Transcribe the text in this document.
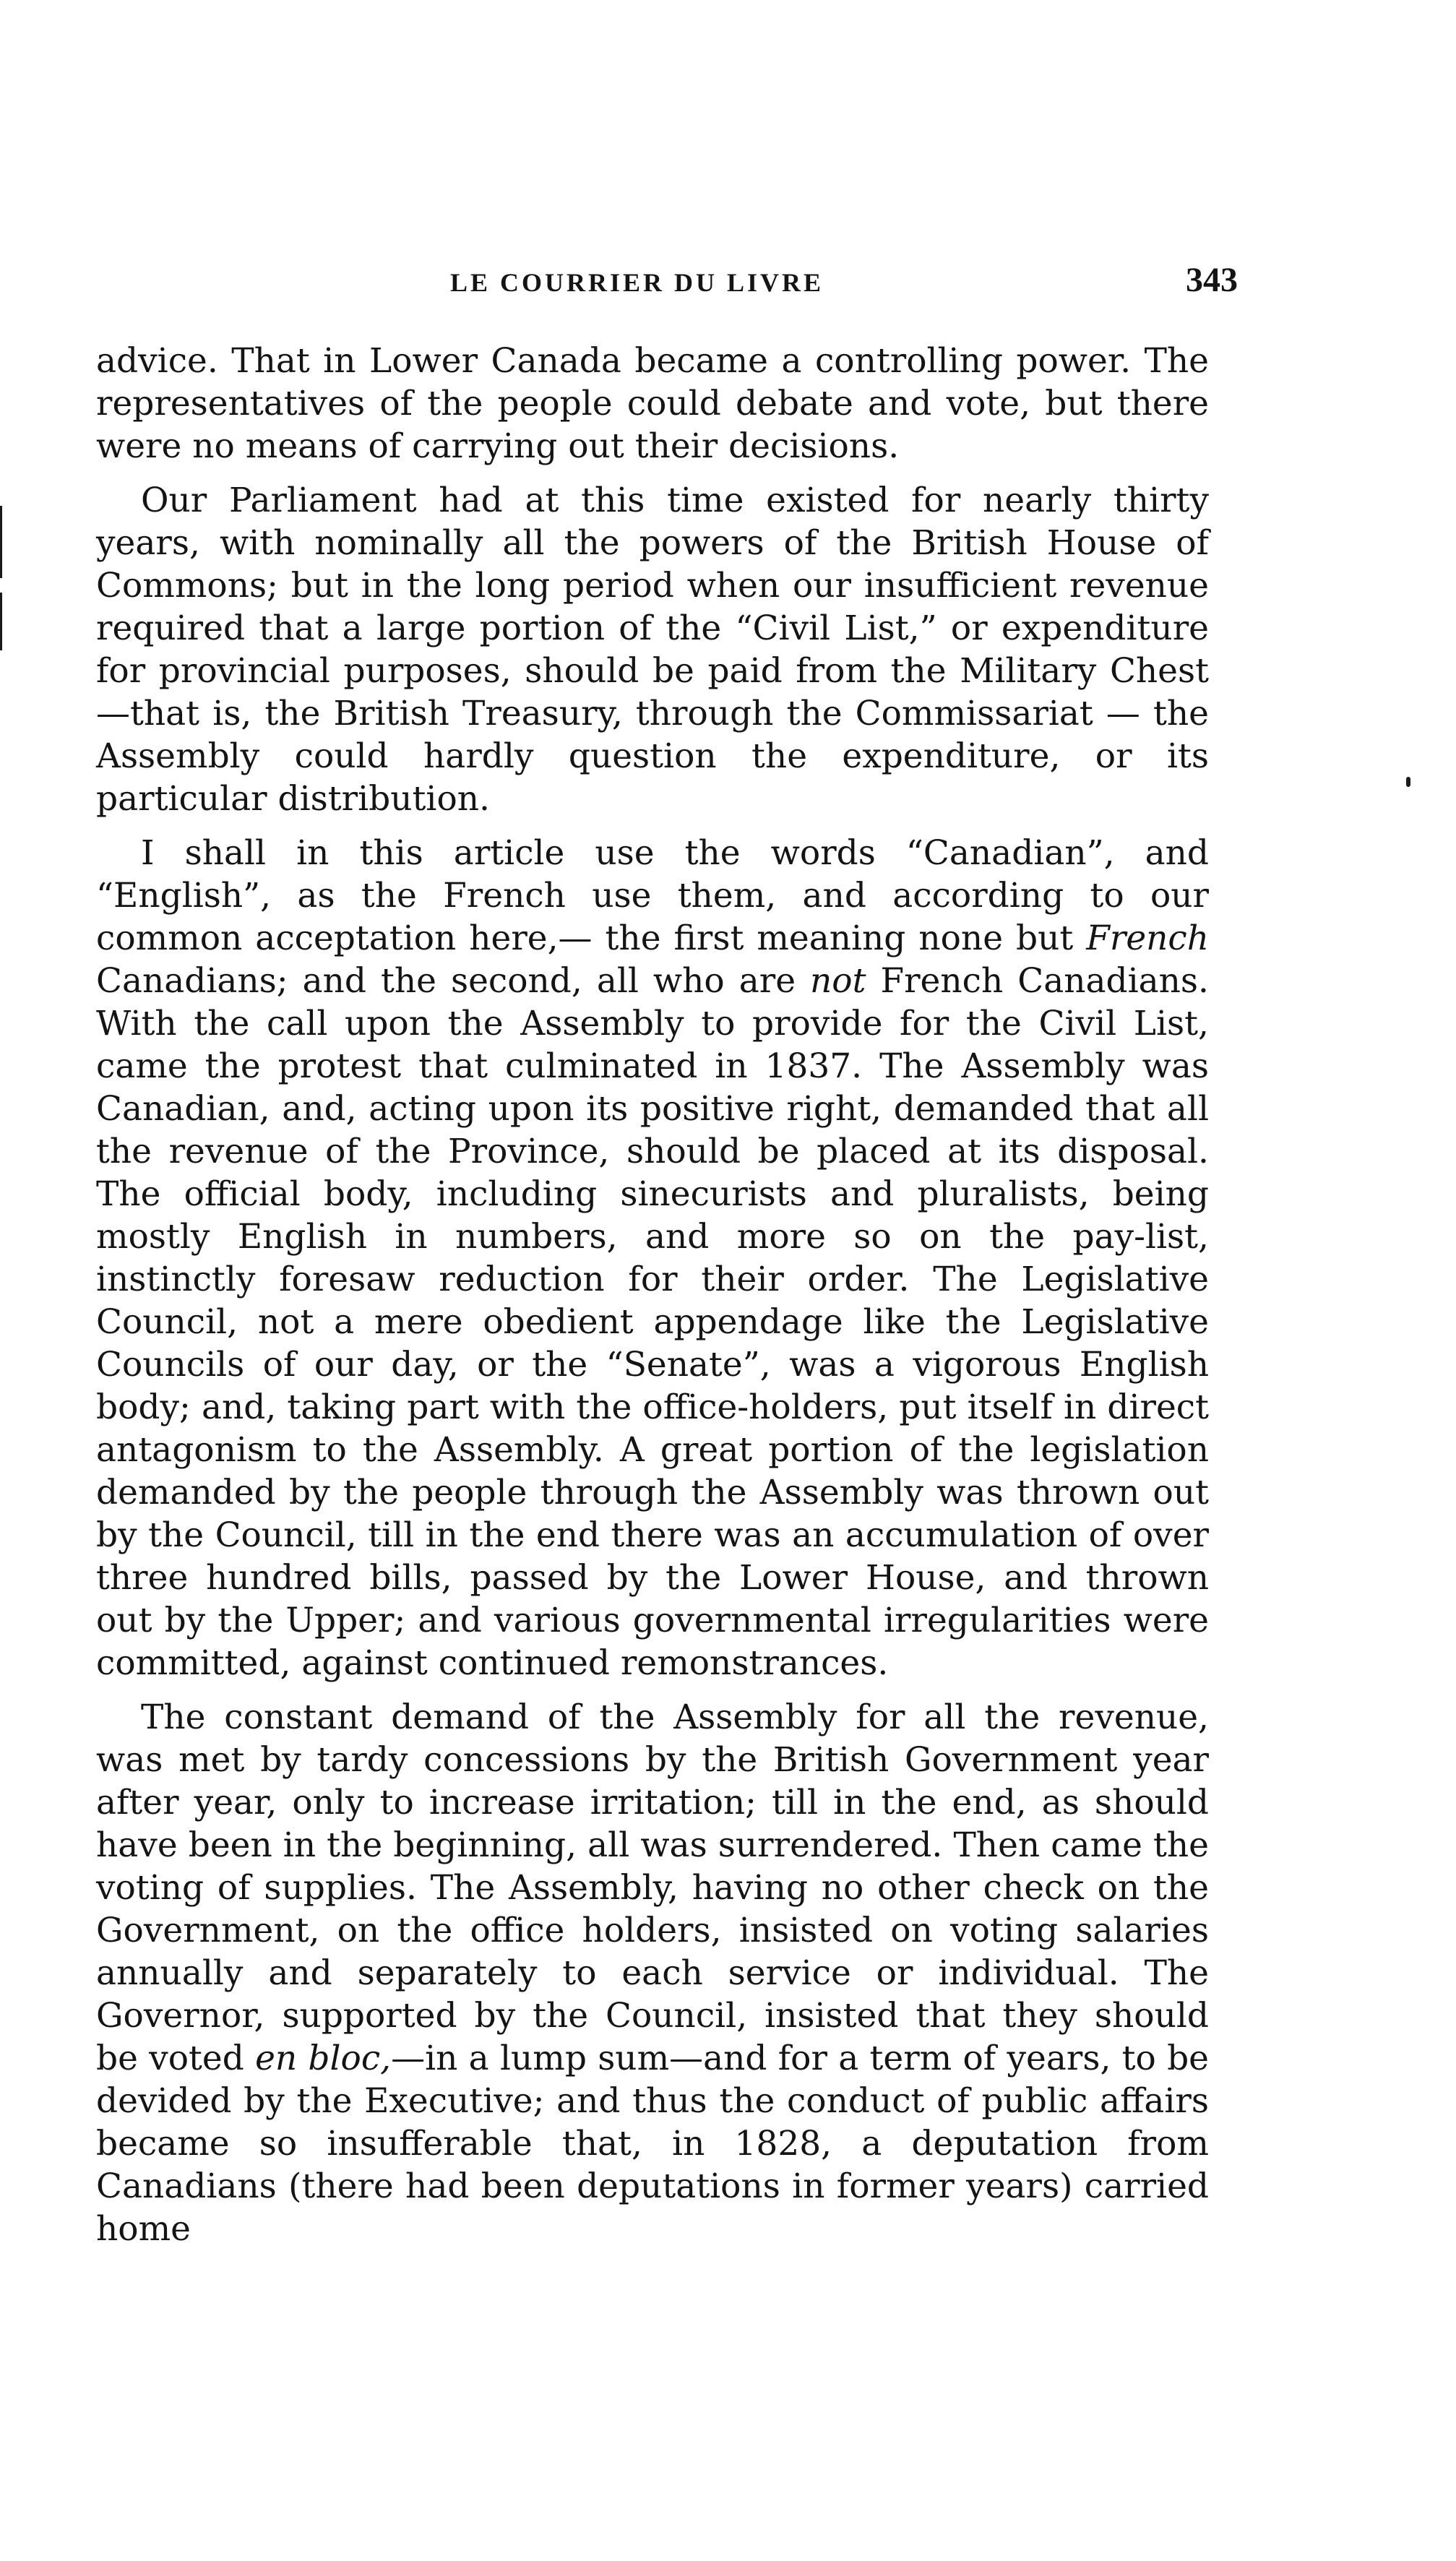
LE COURRIER DU LIVRE	343

advice. That in Lower Canada became a controlling power. The representatives of the people could debate and vote, but there were no means of carrying out their decisions.

Our Parliament had at this time existed for nearly thirty years, with nominally all the powers of the British House of Commons; but in the long period when our insufficient revenue required that a large portion of the “Civil List,” or expenditure for provincial purposes, should be paid from the Military Chest—that is, the British Treasury, through the Commissariat — the Assembly could hardly question the expenditure, or its particular distribution.

I shall in this article use the words “Canadian”, and “English”, as the French use them, and according to our common acceptation here,— the first meaning none but French Canadians; and the second, all who are not French Canadians. With the call upon the Assembly to provide for the Civil List, came the protest that culminated in 1837. The Assembly was Canadian, and, acting upon its positive right, demanded that all the revenue of the Province, should be placed at its disposal. The official body, including sinecurists and pluralists, being mostly English in numbers, and more so on the pay-list, instinctly foresaw reduction for their order. The Legislative Council, not a mere obedient appendage like the Legislative Councils of our day, or the “Senate”, was a vigorous English body; and, taking part with the office-holders, put itself in direct antagonism to the Assembly. A great portion of the legislation demanded by the people through the Assembly was thrown out by the Council, till in the end there was an accumulation of over three hundred bills, passed by the Lower House, and thrown out by the Upper; and various governmental irregularities were committed, against continued remonstrances.

The constant demand of the Assembly for all the revenue, was met by tardy concessions by the British Government year after year, only to increase irritation; till in the end, as should have been in the beginning, all was surrendered. Then came the voting of supplies. The Assembly, having no other check on the Government, on the office holders, insisted on voting salaries annually and separately to each service or individual. The Governor, supported by the Council, insisted that they should be voted en bloc,—in a lump sum—and for a term of years, to be devided by the Executive; and thus the conduct of public affairs became so insufferable that, in 1828, a deputation from Canadians (there had been deputations in former years) carried home
